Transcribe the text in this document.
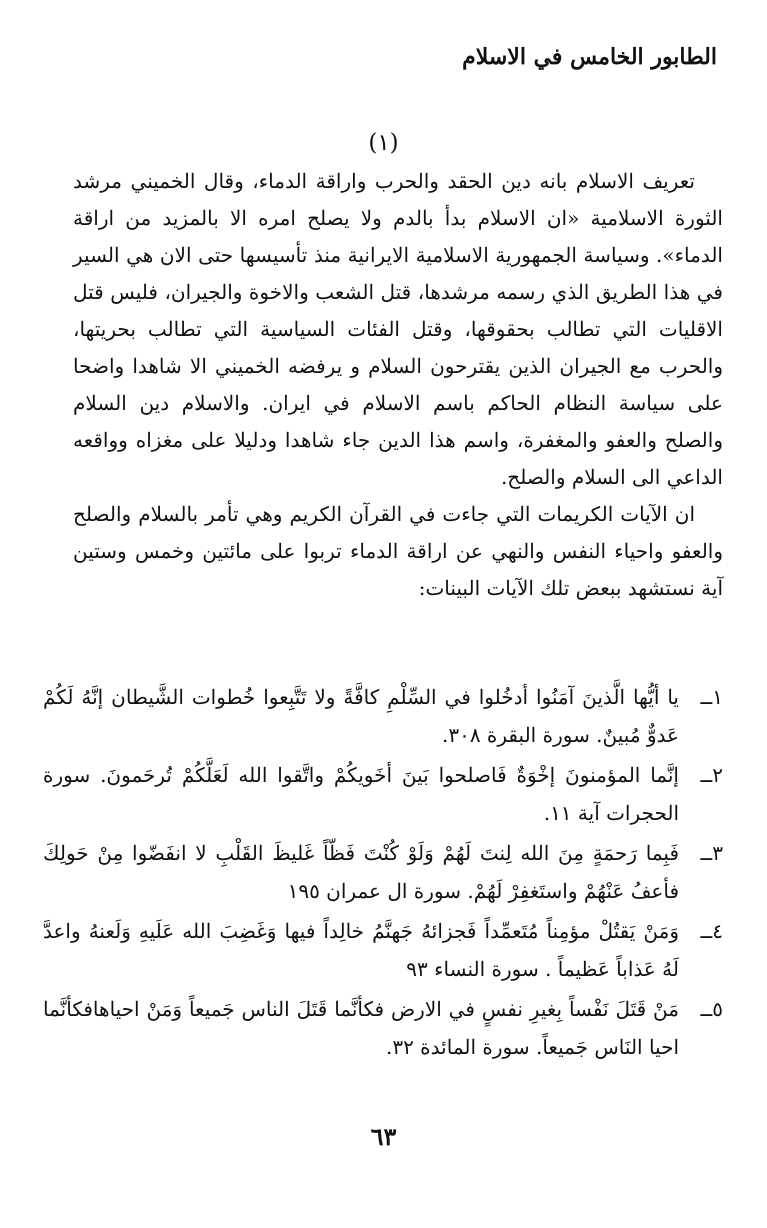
الطابور الخامس في الاسلام
(١)

تعريف الاسلام بانه دين الحقد والحرب واراقة الدماء، وقال الخميني مرشد الثورة الاسلامية «ان الاسلام بدأ بالدم ولا يصلح امره الا بالمزيد من اراقة الدماء». وسياسة الجمهورية الاسلامية الايرانية منذ تأسيسها حتى الان هي السير في هذا الطريق الذي رسمه مرشدها، قتل الشعب والاخوة والجيران، فليس قتل الاقليات التي تطالب بحقوقها، وقتل الفئات السياسية التي تطالب بحريتها، والحرب مع الجيران الذين يقترحون السلام و يرفضه الخميني الا شاهدا واضحا على سياسة النظام الحاكم باسم الاسلام في ايران. والاسلام دين السلام والصلح والعفو والمغفرة، واسم هذا الدين جاء شاهدا ودليلا على مغزاه وواقعه الداعي الى السلام والصلح.

ان الآيات الكريمات التي جاءت في القرآن الكريم وهي تأمر بالسلام والصلح والعفو واحياء النفس والنهي عن اراقة الدماء تربوا على مائتين وخمس وستين آية نستشهد ببعض تلك الآيات البينات:

١ــ
يا أيُّها الَّذينَ آمَنُوا أدخُلوا في السِّلْمِ كافَّةً ولا تَتَّبِعوا خُطوات الشَّيطان إنَّهُ لَكُمْ عَدوٌّ مُبينٌ. سورة البقرة ٣٠٨.
٢ــ
إنَّما المؤمنونَ إخْوَةٌ فَاصلحوا بَينَ أخَويكُمْ واتَّقوا الله لَعَلَّكُمْ تُرحَمونَ. سورة الحجرات آية ١١.
٣ــ
فَبِما رَحمَةٍ مِنَ الله لِنتَ لَهُمْ وَلَوْ كُنْتَ فَظّاً غَليظَ القَلْبِ لا انفَضّوا مِنْ حَولِكَ فأعفُ عَنْهُمْ واستَغفِرْ لَهُمْ. سورة ال عمران ١٩٥
٤ــ
وَمَنْ يَقتُلْ مؤمِناً مُتَعمِّداً فَجزائهُ جَهنَّمُ خالِداً فيها وَغَضِبَ الله عَلَيهِ وَلَعنهُ واعدَّ لَهُ عَذاباً عَظيماً . سورة النساء ٩٣
٥ــ
مَنْ قَتَلَ نَفْساً بِغيرِ نفسٍ في الارض فكأنَّما قَتَلَ الناس جَميعاً وَمَنْ احياهافكأنَّما احيا النَاس جَميعاً. سورة المائدة ٣٢.
٦٣
